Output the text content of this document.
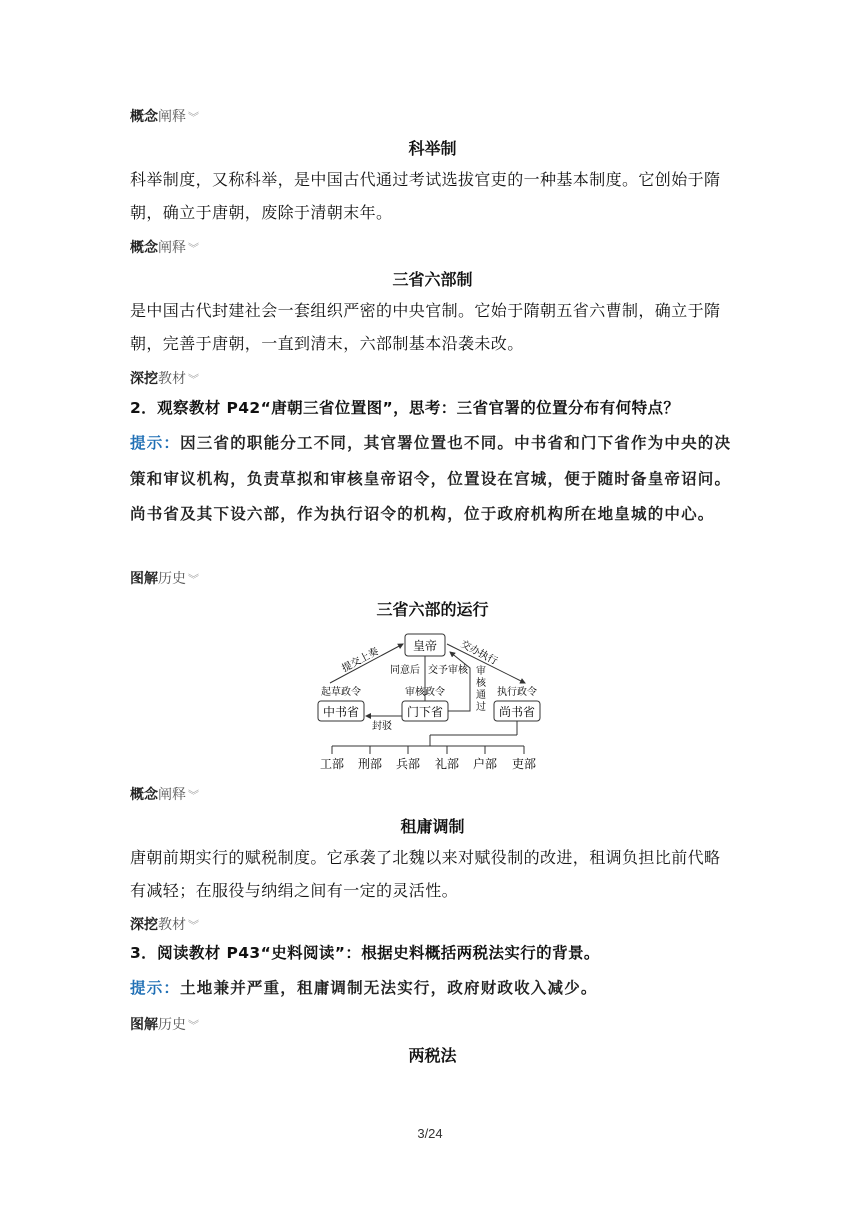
概念阐释 ︾
科举制
科举制度，又称科举，是中国古代通过考试选拔官吏的一种基本制度。它创始于隋朝，确立于唐朝，废除于清朝末年。
概念阐释 ︾
三省六部制
是中国古代封建社会一套组织严密的中央官制。它始于隋朝五省六曹制，确立于隋朝，完善于唐朝，一直到清末，六部制基本沿袭未改。
深挖教材 ︾
2．观察教材 P42“唐朝三省位置图”，思考：三省官署的位置分布有何特点？
提示：因三省的职能分工不同，其官署位置也不同。中书省和门下省作为中央的决策和审议机构，负责草拟和审核皇帝诏令，位置设在宫城，便于随时备皇帝诏问。尚书省及其下设六部，作为执行诏令的机构，位于政府机构所在地皇城的中心。
图解历史 ︾
三省六部的运行
皇帝
中书省	门下省	尚书省
起草政令	审核政令	执行政令
提交上奏	交办执行
同意后 交予审核 审
核
通
过
封驳
工部 刑部 兵部 礼部 户部 吏部
概念阐释 ︾
租庸调制
唐朝前期实行的赋税制度。它承袭了北魏以来对赋役制的改进，租调负担比前代略有减轻；在服役与纳绢之间有一定的灵活性。
深挖教材 ︾
3．阅读教材 P43“史料阅读”：根据史料概括两税法实行的背景。
提示：土地兼并严重，租庸调制无法实行，政府财政收入减少。
图解历史 ︾
两税法
3/24
